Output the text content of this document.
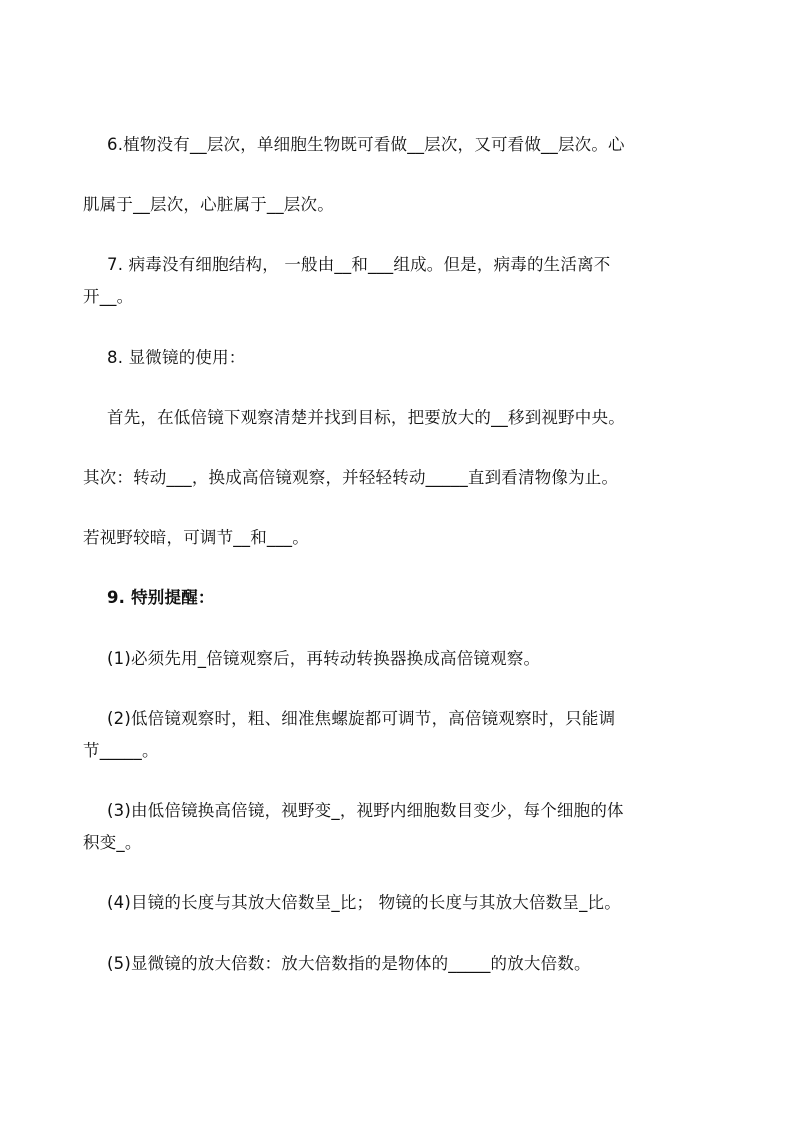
6.植物没有__层次，单细胞生物既可看做__层次，又可看做__层次。心
肌属于__层次，心脏属于__层次。
7. 病毒没有细胞结构， 一般由__和___组成。但是，病毒的生活离不
开__。
8. 显微镜的使用：
首先，在低倍镜下观察清楚并找到目标，把要放大的__移到视野中央。
其次：转动___，换成高倍镜观察，并轻轻转动_____直到看清物像为止。
若视野较暗，可调节__和___。
9. 特别提醒：
(1)必须先用_倍镜观察后，再转动转换器换成高倍镜观察。
(2)低倍镜观察时，粗、细准焦螺旋都可调节，高倍镜观察时，只能调
节_____。
(3)由低倍镜换高倍镜，视野变_，视野内细胞数目变少，每个细胞的体
积变_。
(4)目镜的长度与其放大倍数呈_比； 物镜的长度与其放大倍数呈_比。
(5)显微镜的放大倍数：放大倍数指的是物体的_____的放大倍数。
